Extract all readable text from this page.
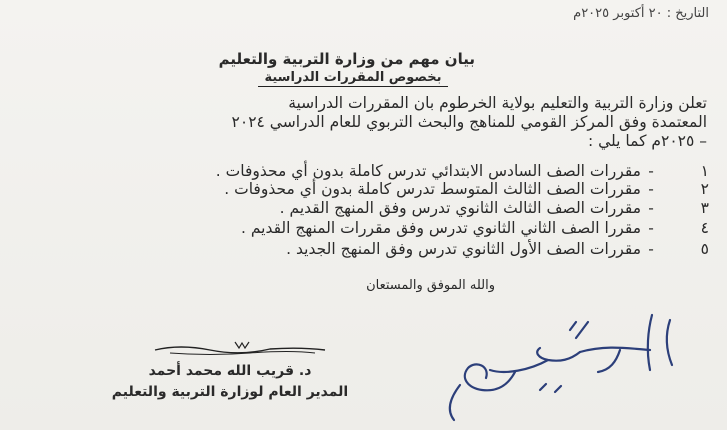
التاريخ : ٢٠ أكتوبر ٢٠٢٥م
بيان مهم من وزارة التربية والتعليم
بخصوص المقررات الدراسية
تعلن وزارة التربية والتعليم بولاية الخرطوم بان المقررات الدراسية
المعتمدة وفق المركز القومي للمناهج والبحث التربوي للعام الدراسي ٢٠٢٤
– ٢٠٢٥م كما يلي :
١
-
مقررات الصف السادس الابتدائي تدرس كاملة بدون أي محذوفات .
٢
-
مقررات الصف الثالث المتوسط تدرس كاملة بدون أي محذوفات .
٣
-
مقررات الصف الثالث الثانوي تدرس وفق المنهج القديم .
٤
-
مقررا الصف الثاني الثانوي تدرس وفق مقررات المنهج القديم .
٥
-
مقررات الصف الأول الثانوي تدرس وفق المنهج الجديد .
والله الموفق والمستعان
د. قريب الله محمد أحمد
المدير العام لوزارة التربية والتعليم
